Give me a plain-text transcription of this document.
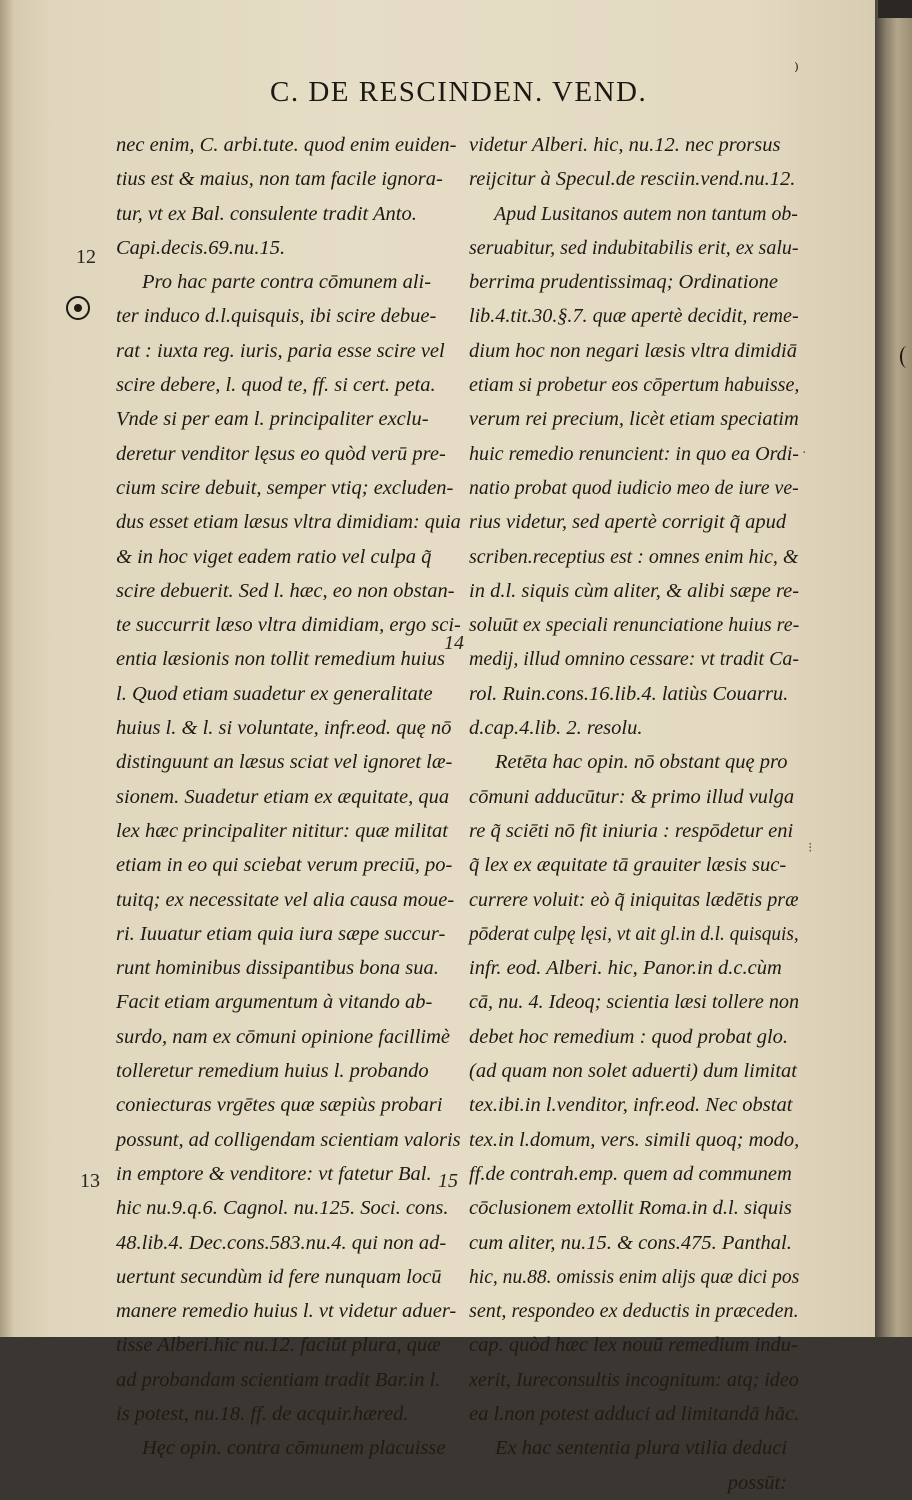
C. DE RESCINDEN. VEND.
12
13
14
15
nec enim, C. arbi.tute. quod enim euiden-
tius est & maius, non tam facile ignora-
tur, vt ex Bal. consulente tradit Anto.
Capi.decis.69.nu.15.
Pro hac parte contra cōmunem ali-
ter induco d.l.quisquis, ibi scire debue-
rat : iuxta reg. iuris, paria esse scire vel
scire debere, l. quod te, ff. si cert. peta.
Vnde si per eam l. principaliter exclu-
deretur venditor lęsus eo quòd verū pre-
cium scire debuit, semper vtiq; excluden-
dus esset etiam læsus vltra dimidiam: quia
& in hoc viget eadem ratio vel culpa q̃
scire debuerit. Sed l. hæc, eo non obstan-
te succurrit læso vltra dimidiam, ergo sci-
entia læsionis non tollit remedium huius
l. Quod etiam suadetur ex generalitate
huius l. & l. si voluntate, infr.eod. quę nō
distinguunt an læsus sciat vel ignoret læ-
sionem. Suadetur etiam ex æquitate, qua
lex hæc principaliter nititur: quæ militat
etiam in eo qui sciebat verum preciū, po-
tuitq; ex necessitate vel alia causa moue-
ri. Iuuatur etiam quia iura sæpe succur-
runt hominibus dissipantibus bona sua.
Facit etiam argumentum à vitando ab-
surdo, nam ex cōmuni opinione facillimè
tolleretur remedium huius l. probando
coniecturas vrgētes quæ sæpiùs probari
possunt, ad colligendam scientiam valoris
in emptore & venditore: vt fatetur Bal.
hic nu.9.q.6. Cagnol. nu.125. Soci. cons.
48.lib.4. Dec.cons.583.nu.4. qui non ad-
uertunt secundùm id fere nunquam locū
manere remedio huius l. vt videtur aduer-
tisse Alberi.hic nu.12. faciūt plura, quæ
ad probandam scientiam tradit Bar.in l.
is potest, nu.18. ff. de acquir.hæred.
Hęc opin. contra cōmunem placuisse
videtur Alberi. hic, nu.12. nec prorsus
reijcitur à Specul.de resciin.vend.nu.12.
Apud Lusitanos autem non tantum ob-
seruabitur, sed indubitabilis erit, ex salu-
berrima prudentissimaq; Ordinatione
lib.4.tit.30.§.7. quæ apertè decidit, reme-
dium hoc non negari læsis vltra dimidiā
etiam si probetur eos cōpertum habuisse,
verum rei precium, licèt etiam speciatim
huic remedio renuncient: in quo ea Ordi-
natio probat quod iudicio meo de iure ve-
rius videtur, sed apertè corrigit q̃ apud
scriben.receptius est : omnes enim hic, &
in d.l. siquis cùm aliter, & alibi sæpe re-
soluūt ex speciali renunciatione huius re-
medij, illud omnino cessare: vt tradit Ca-
rol. Ruin.cons.16.lib.4. latiùs Couarru.
d.cap.4.lib. 2. resolu.
Retēta hac opin. nō obstant quę pro
cōmuni adducūtur: & primo illud vulga
re q̃ sciēti nō fit iniuria : respōdetur eni
q̃ lex ex æquitate tā grauiter læsis suc-
currere voluit: eò q̃ iniquitas lædētis præ
pōderat culpę lęsi, vt ait gl.in d.l. quisquis,
infr. eod. Alberi. hic, Panor.in d.c.cùm
cā, nu. 4. Ideoq; scientia læsi tollere non
debet hoc remedium : quod probat glo.
(ad quam non solet aduerti) dum limitat
tex.ibi.in l.venditor, infr.eod. Nec obstat
tex.in l.domum, vers. simili quoq; modo,
ff.de contrah.emp. quem ad communem
cōclusionem extollit Roma.in d.l. siquis
cum aliter, nu.15. & cons.475. Panthal.
hic, nu.88. omissis enim alijs quæ dici pos
sent, respondeo ex deductis in præceden.
cap. quòd hæc lex nouū remedium indu-
xerit, Iureconsultis incognitum: atq; ideo
ea l.non potest adduci ad limitandā hāc.
Ex hac sententia plura vtilia deduci
possūt:
⁝
·
⁾
